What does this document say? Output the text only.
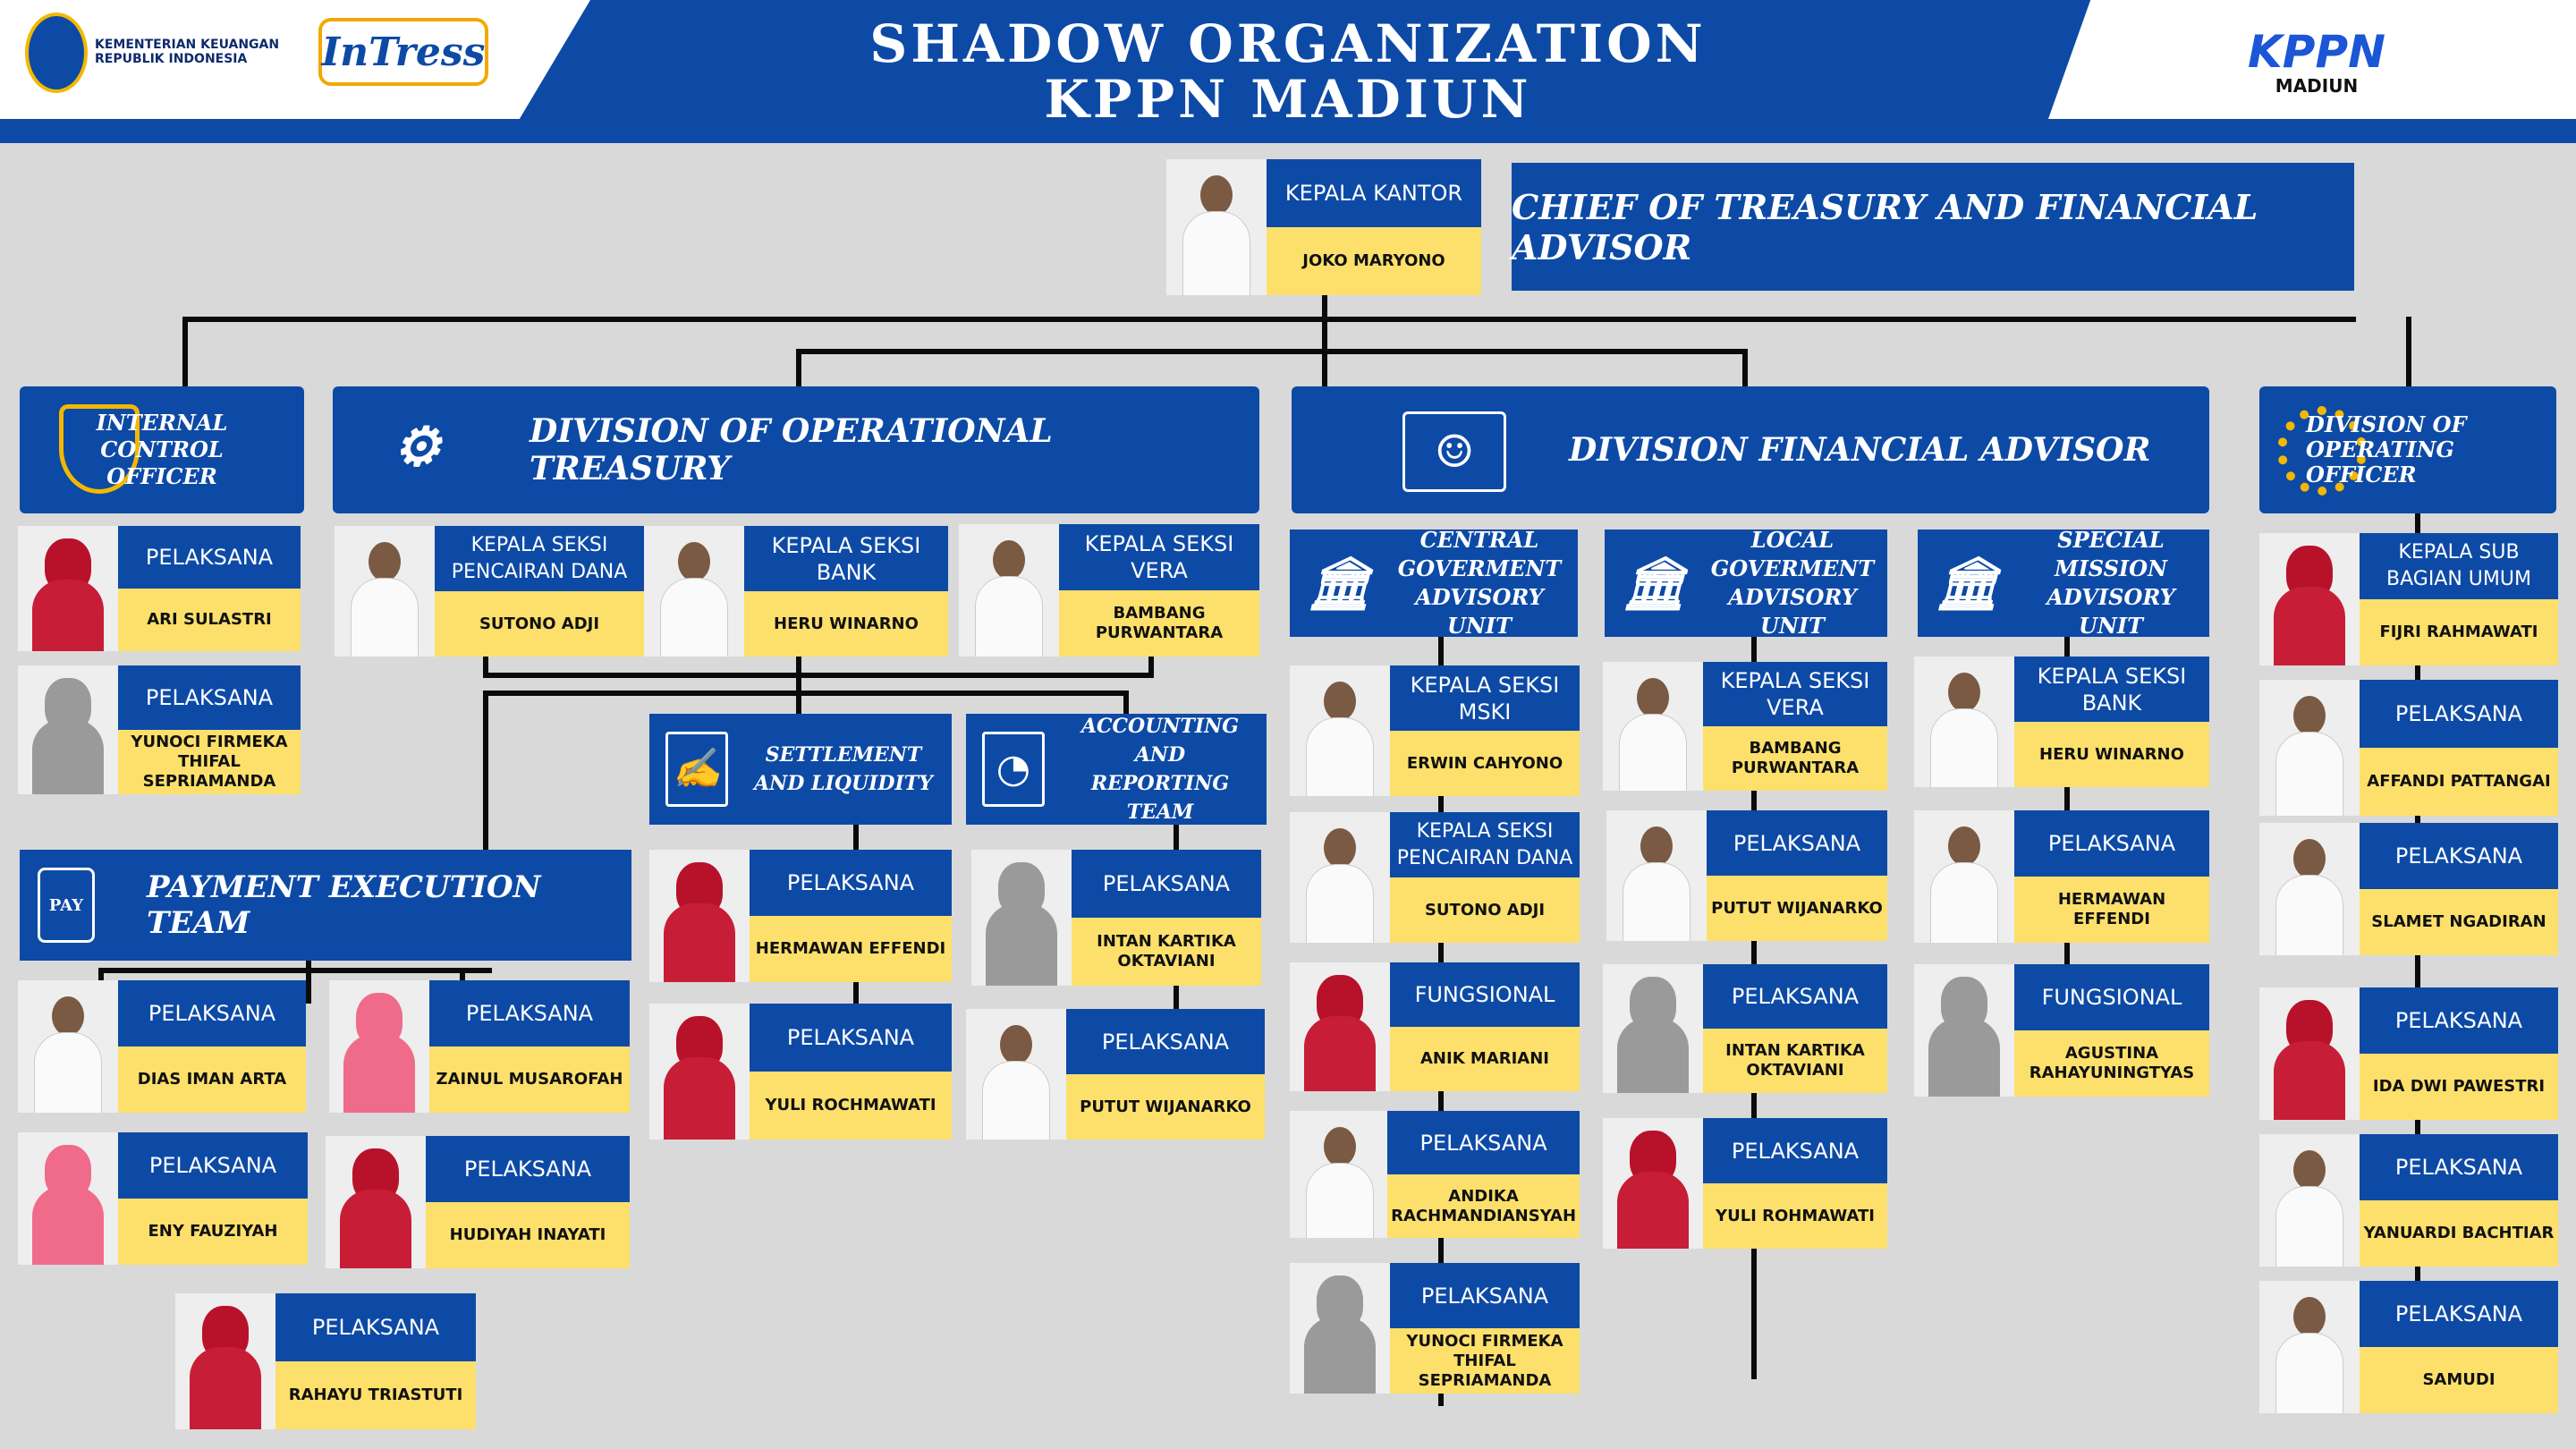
KEMENTERIAN KEUANGAN
REPUBLIK INDONESIA	InTress	SHADOW ORGANIZATION
KPPN MADIUN
KPPN
MADIUN
KEPALA KANTOR
JOKO MARYONO
CHIEF OF TREASURY AND FINANCIAL ADVISOR
INTERNAL CONTROL OFFICER	⚙	DIVISION OF OPERATIONAL TREASURY	☺	DIVISION FINANCIAL ADVISOR
DIVISION OF OPERATING OFFICER
PAY	PAYMENT EXECUTION TEAM
✍	SETTLEMENT AND LIQUIDITY	◔
ACCOUNTING AND REPORTING TEAM
🏛
CENTRAL GOVERMENT ADVISORY UNIT
🏛
LOCAL GOVERMENT ADVISORY UNIT
🏛
SPECIAL MISSION ADVISORY UNIT
PELAKSANA
ARI SULASTRI
PELAKSANA
YUNOCI FIRMEKA THIFAL SEPRIAMANDA
KEPALA SEKSI PENCAIRAN DANA
SUTONO ADJI
KEPALA SEKSI BANK
HERU WINARNO
KEPALA SEKSI VERA
BAMBANG PURWANTARA
PELAKSANA
DIAS IMAN ARTA
PELAKSANA
ZAINUL MUSAROFAH
PELAKSANA
ENY FAUZIYAH
PELAKSANA
HUDIYAH INAYATI
PELAKSANA
RAHAYU TRIASTUTI
PELAKSANA
HERMAWAN EFFENDI
PELAKSANA
YULI ROCHMAWATI
PELAKSANA
INTAN KARTIKA OKTAVIANI
PELAKSANA
PUTUT WIJANARKO
KEPALA SEKSI MSKI
ERWIN CAHYONO
KEPALA SEKSI PENCAIRAN DANA
SUTONO ADJI
FUNGSIONAL
ANIK MARIANI
PELAKSANA
ANDIKA RACHMANDIANSYAH
PELAKSANA
YUNOCI FIRMEKA THIFAL SEPRIAMANDA
KEPALA SEKSI VERA
BAMBANG PURWANTARA
PELAKSANA
PUTUT WIJANARKO
PELAKSANA
INTAN KARTIKA OKTAVIANI
PELAKSANA
YULI ROHMAWATI
KEPALA SEKSI BANK
HERU WINARNO
PELAKSANA
HERMAWAN EFFENDI
FUNGSIONAL
AGUSTINA RAHAYUNINGTYAS
KEPALA SUB BAGIAN UMUM
FIJRI RAHMAWATI
PELAKSANA
AFFANDI PATTANGAI
PELAKSANA
SLAMET NGADIRAN
PELAKSANA
IDA DWI PAWESTRI
PELAKSANA
YANUARDI BACHTIAR
PELAKSANA
SAMUDI
